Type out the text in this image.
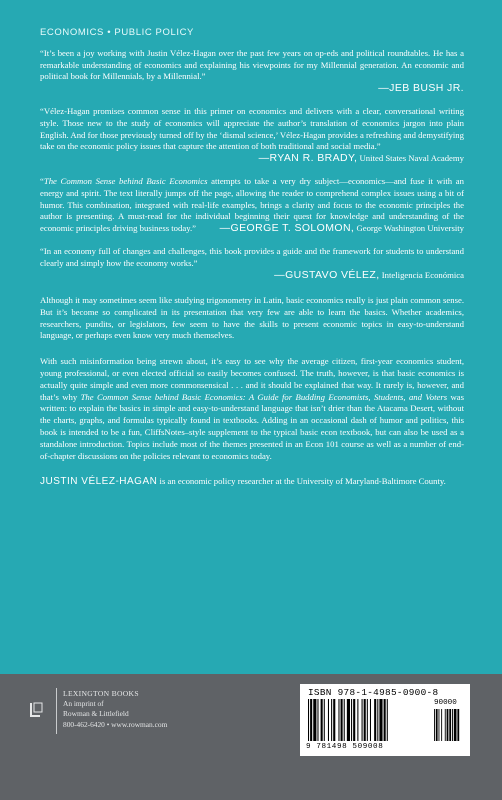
ECONOMICS • PUBLIC POLICY

“It’s been a joy working with Justin Vélez-Hagan over the past few years on op-eds and political roundtables. He has a remarkable understanding of economics and explaining his viewpoints for my Millennial generation. An economic and political book for Millennials, by a Millennial.”

—JEB BUSH JR.

“Vélez-Hagan promises common sense in this primer on economics and delivers with a clear, conversational writing style. Those new to the study of economics will appreciate the author’s translation of economics jargon into plain English. And for those previously turned off by the ‘dismal science,’ Vélez-Hagan provides a refreshing and demystifying take on the economic policy issues that capture the attention of both traditional and social media.”

—RYAN R. BRADY, United States Naval Academy

“The Common Sense behind Basic Economics attempts to take a very dry subject—economics—and fuse it with an energy and spirit. The text literally jumps off the page, allowing the reader to comprehend complex issues using a bit of humor. This combination, integrated with real-life examples, brings a clarity and focus to the economic principles the author is presenting. A must-read for the individual beginning their quest for knowledge and understanding of the economic principles driving business today.” —GEORGE T. SOLOMON, George Washington University

“In an economy full of changes and challenges, this book provides a guide and the framework for students to understand clearly and simply how the economy works.”

—GUSTAVO VÉLEZ, Inteligencia Económica

Although it may sometimes seem like studying trigonometry in Latin, basic economics really is just plain common sense. But it’s become so complicated in its presentation that very few are able to learn the basics. Whether academics, researchers, pundits, or legislators, few seem to have the skills to present economic topics in easy-to-understand language, or perhaps even know very much themselves.

With such misinformation being strewn about, it’s easy to see why the average citizen, first-year economics student, young professional, or even elected official so easily becomes confused. The truth, however, is that basic economics is actually quite simple and even more commonsensical . . . and it should be explained that way. It rarely is, however, and that’s why The Common Sense behind Basic Economics: A Guide for Budding Economists, Students, and Voters was written: to explain the basics in simple and easy-to-understand language that isn’t drier than the Atacama Desert, without the charts, graphs, and formulas typically found in textbooks. Adding in an occasional dash of humor and politics, this book is intended to be a fun, CliffsNotes–style supplement to the typical basic econ textbook, but can also be used as a standalone introduction. Topics include most of the themes presented in an Econ 101 course as well as a number of end-of-chapter discussions on the policies relevant to economics today.

JUSTIN VÉLEZ-HAGAN is an economic policy researcher at the University of Maryland-Baltimore County.

LEXINGTON BOOKS
An imprint of
Rowman & Littlefield
800-462-6420 • www.rowman.com
ISBN 978-1-4985-0900-8
9 781498 509008
90000
